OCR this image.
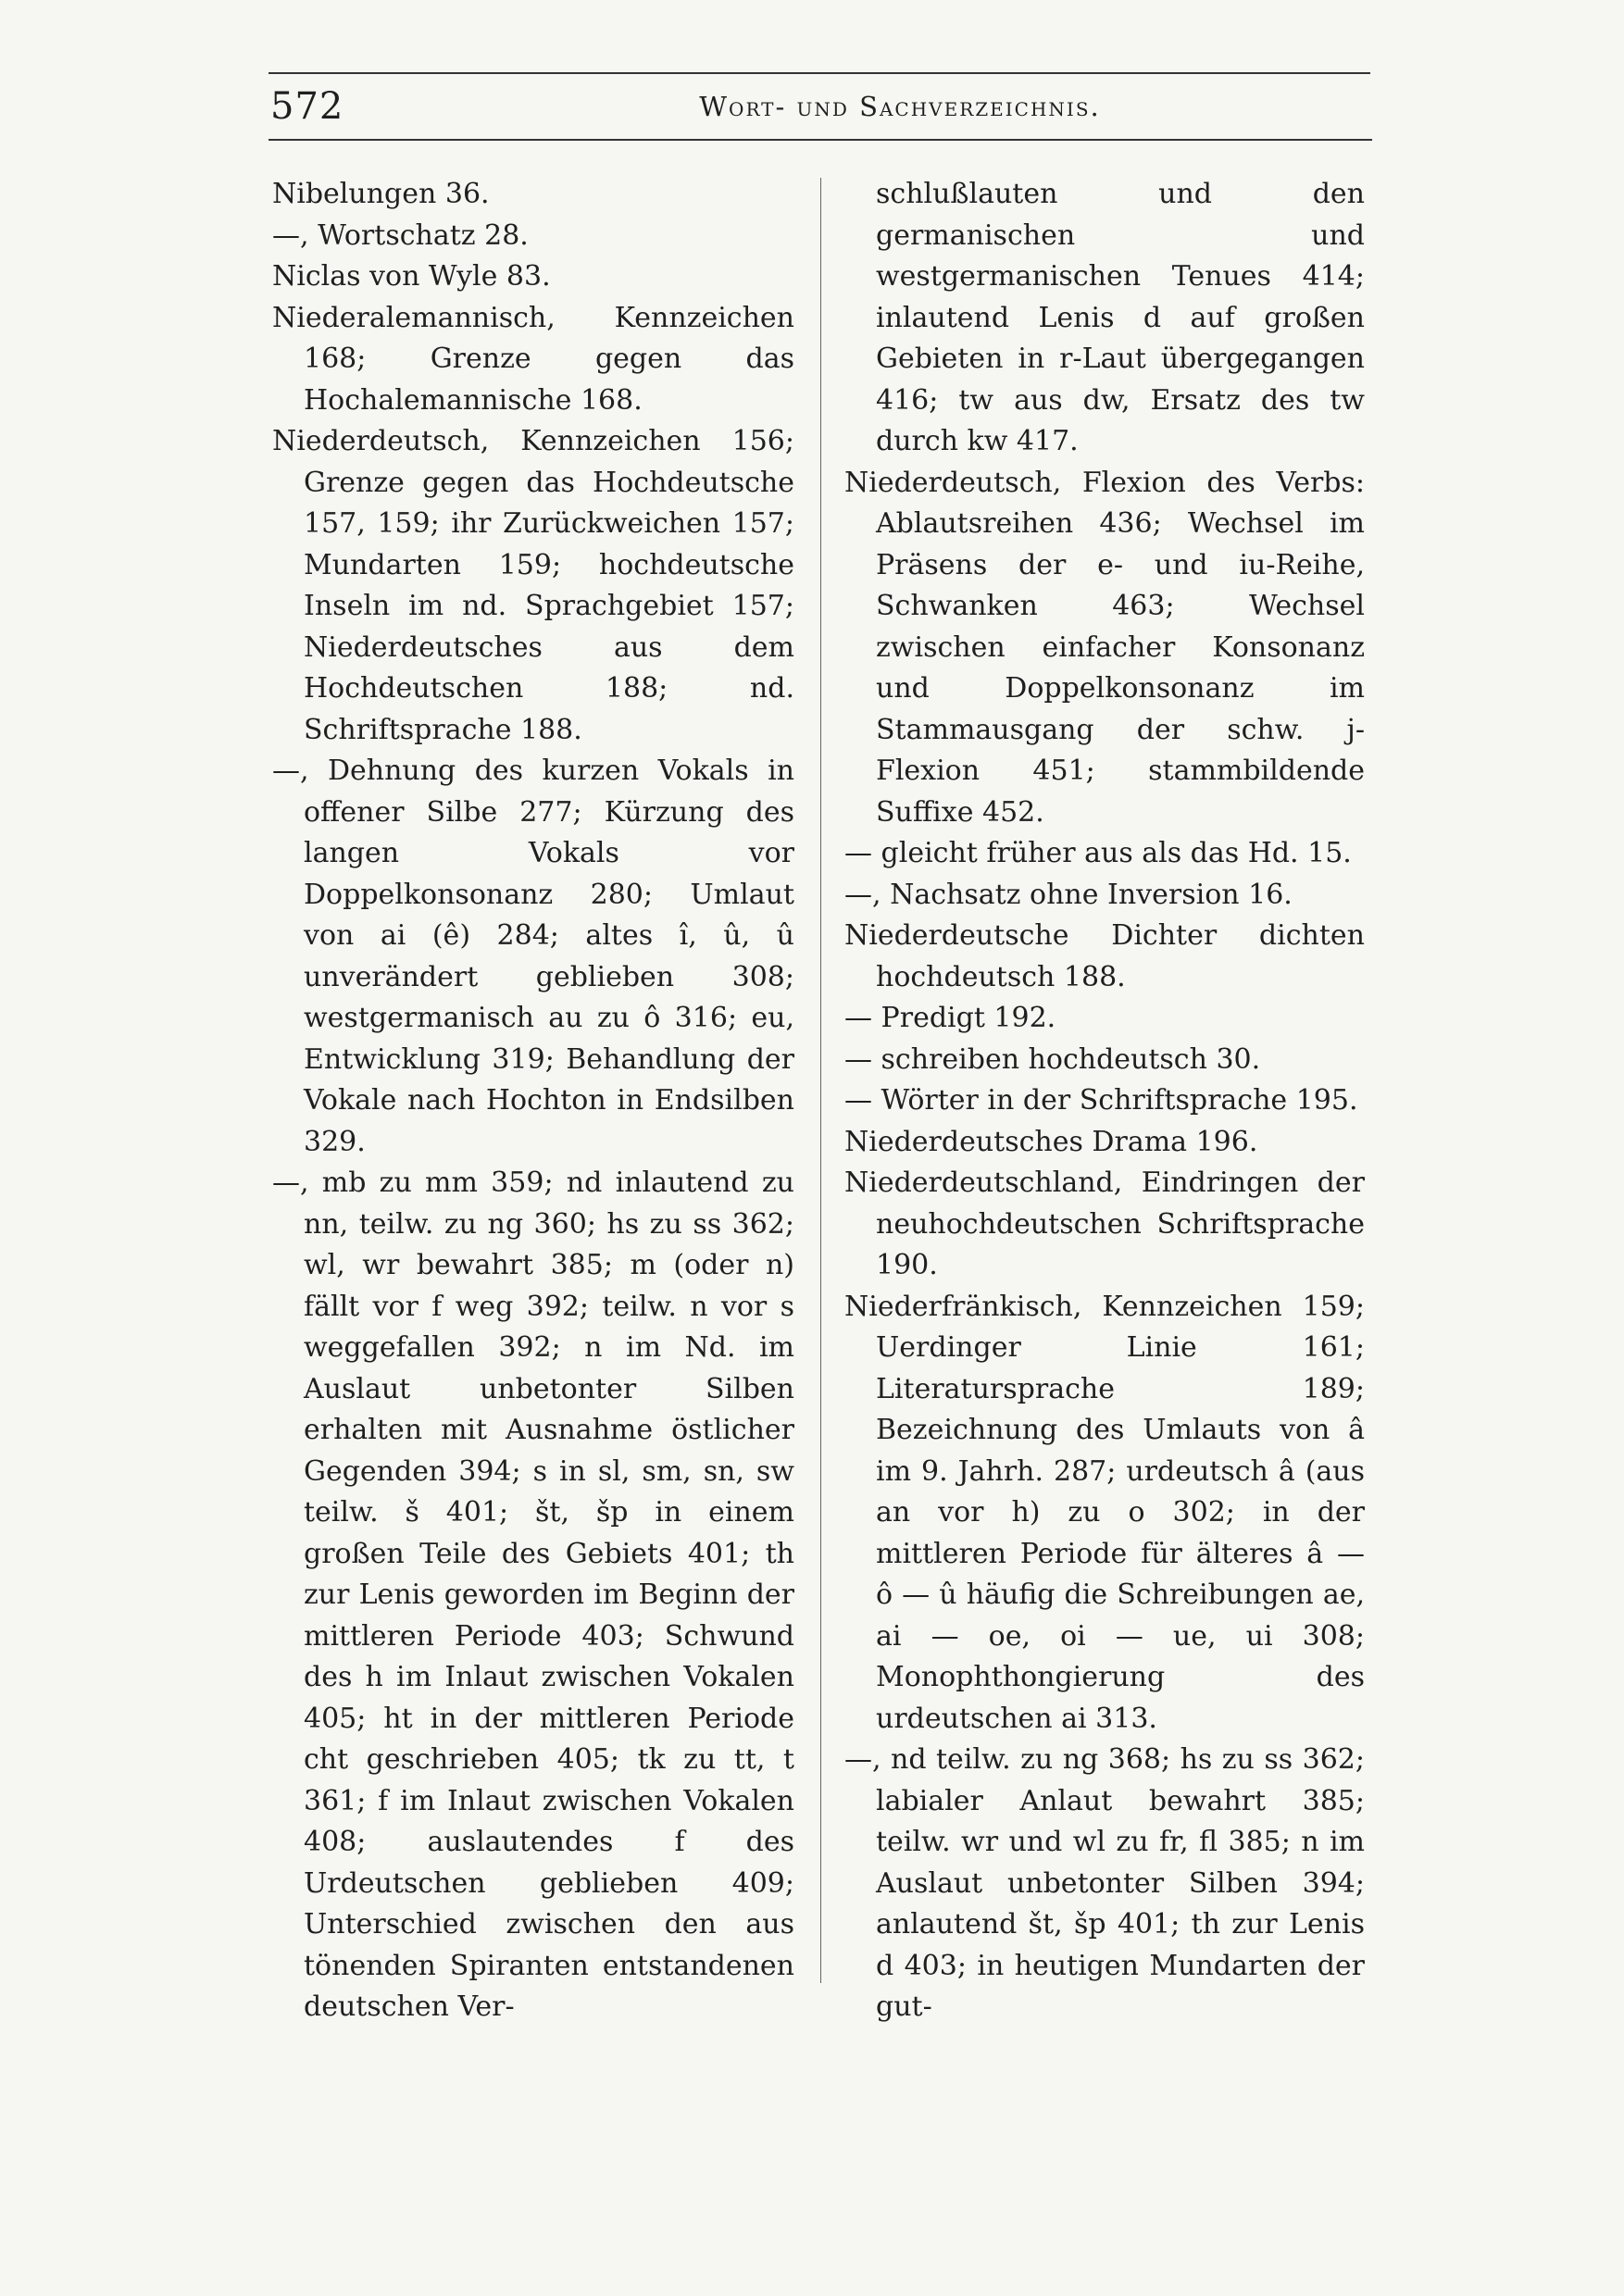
572	Wort- und Sachverzeichnis.
Nibelungen 36.
—, Wortschatz 28.
Niclas von Wyle 83.
Niederalemannisch, Kennzeichen 168; Grenze gegen das Hochalemannische 168.
Niederdeutsch, Kennzeichen 156; Grenze gegen das Hochdeutsche 157, 159; ihr Zurückweichen 157; Mundarten 159; hochdeutsche Inseln im nd. Sprachgebiet 157; Niederdeutsches aus dem Hochdeutschen 188; nd. Schriftsprache 188.
—, Dehnung des kurzen Vokals in offener Silbe 277; Kürzung des langen Vokals vor Doppelkonsonanz 280; Umlaut von ai (ê) 284; altes î, û, û unverändert geblieben 308; westgermanisch au zu ô 316; eu, Entwicklung 319; Behandlung der Vokale nach Hochton in Endsilben 329.
—, mb zu mm 359; nd inlautend zu nn, teilw. zu ng 360; hs zu ss 362; wl, wr bewahrt 385; m (oder n) fällt vor f weg 392; teilw. n vor s weggefallen 392; n im Nd. im Auslaut unbetonter Silben erhalten mit Ausnahme östlicher Gegenden 394; s in sl, sm, sn, sw teilw. š 401; št, šp in einem großen Teile des Gebiets 401; th zur Lenis geworden im Beginn der mittleren Periode 403; Schwund des h im Inlaut zwischen Vokalen 405; ht in der mittleren Periode cht geschrieben 405; tk zu tt, t 361; f im Inlaut zwischen Vokalen 408; auslautendes f des Urdeutschen geblieben 409; Unterschied zwischen den aus tönenden Spiranten entstandenen deutschen Ver-
schlußlauten und den germanischen und westgermanischen Tenues 414; inlautend Lenis d auf großen Gebieten in r-Laut übergegangen 416; tw aus dw, Ersatz des tw durch kw 417.
Niederdeutsch, Flexion des Verbs: Ablautsreihen 436; Wechsel im Präsens der e- und iu-Reihe, Schwanken 463; Wechsel zwischen einfacher Konsonanz und Doppelkonsonanz im Stammausgang der schw. j-Flexion 451; stammbildende Suffixe 452.
— gleicht früher aus als das Hd. 15.
—, Nachsatz ohne Inversion 16.
Niederdeutsche Dichter dichten hochdeutsch 188.
— Predigt 192.
— schreiben hochdeutsch 30.
— Wörter in der Schriftsprache 195.
Niederdeutsches Drama 196.
Niederdeutschland, Eindringen der neuhochdeutschen Schriftsprache 190.
Niederfränkisch, Kennzeichen 159; Uerdinger Linie 161; Literatursprache 189; Bezeichnung des Umlauts von â im 9. Jahrh. 287; urdeutsch â (aus an vor h) zu o 302; in der mittleren Periode für älteres â — ô — û häufig die Schreibungen ae, ai — oe, oi — ue, ui 308; Monophthongierung des urdeutschen ai 313.
—, nd teilw. zu ng 368; hs zu ss 362; labialer Anlaut bewahrt 385; teilw. wr und wl zu fr, fl 385; n im Auslaut unbetonter Silben 394; anlautend št, šp 401; th zur Lenis d 403; in heutigen Mundarten der gut-
